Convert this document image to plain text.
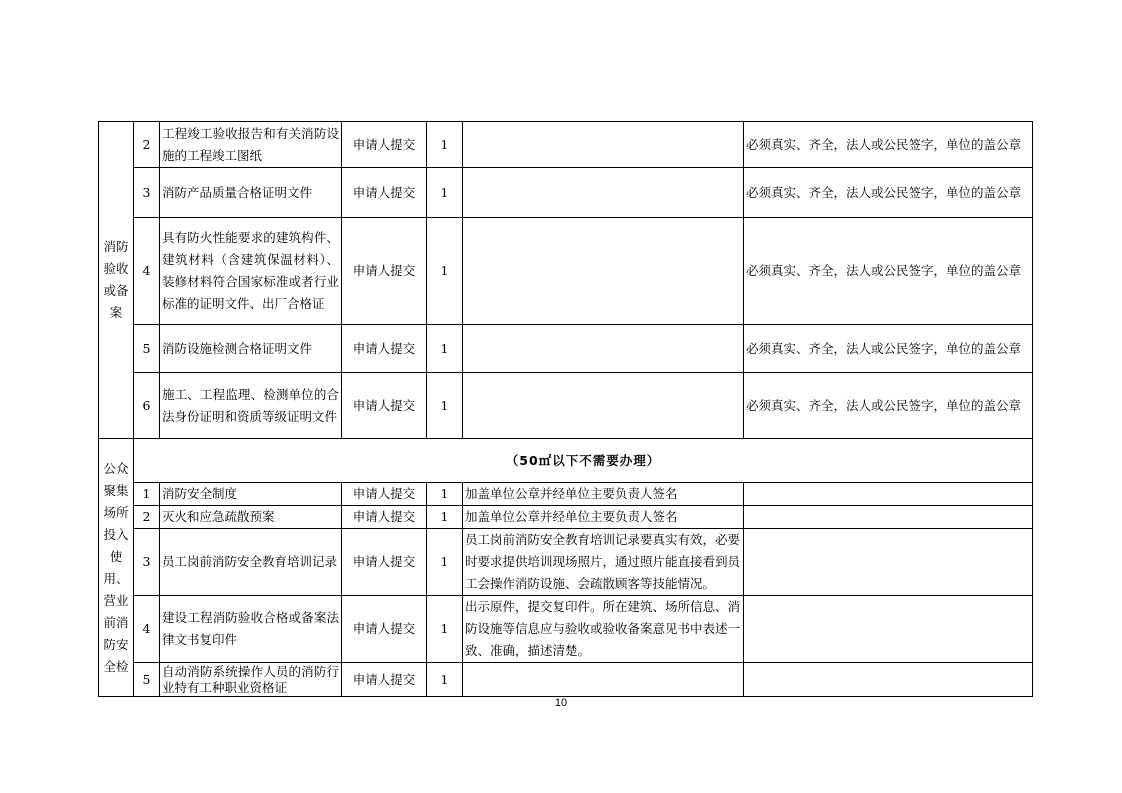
消防验收或备案	2	工程竣工验收报告和有关消防设施的工程竣工图纸	申请人提交	1		必须真实、齐全，法人或公民签字，单位的盖公章
	3	消防产品质量合格证明文件	申请人提交	1		必须真实、齐全，法人或公民签字，单位的盖公章
	4	具有防火性能要求的建筑构件、建筑材料（含建筑保温材料）、装修材料符合国家标准或者行业标准的证明文件、出厂合格证	申请人提交	1		必须真实、齐全，法人或公民签字，单位的盖公章
	5	消防设施检测合格证明文件	申请人提交	1		必须真实、齐全，法人或公民签字，单位的盖公章
	6	施工、工程监理、检测单位的合法身份证明和资质等级证明文件	申请人提交	1		必须真实、齐全，法人或公民签字，单位的盖公章
公众聚集场所投入使用、营业前消防安全检	（50㎡以下不需要办理）					
	1	消防安全制度	申请人提交	1	加盖单位公章并经单位主要负责人签名	
	2	灭火和应急疏散预案	申请人提交	1	加盖单位公章并经单位主要负责人签名	
	3	员工岗前消防安全教育培训记录	申请人提交	1	员工岗前消防安全教育培训记录要真实有效，必要时要求提供培训现场照片，通过照片能直接看到员工会操作消防设施、会疏散顾客等技能情况。	
	4	建设工程消防验收合格或备案法律文书复印件	申请人提交	1	出示原件，提交复印件。所在建筑、场所信息、消防设施等信息应与验收或验收备案意见书中表述一致、准确，描述清楚。	
	5	自动消防系统操作人员的消防行业特有工种职业资格证	申请人提交	1		
10
